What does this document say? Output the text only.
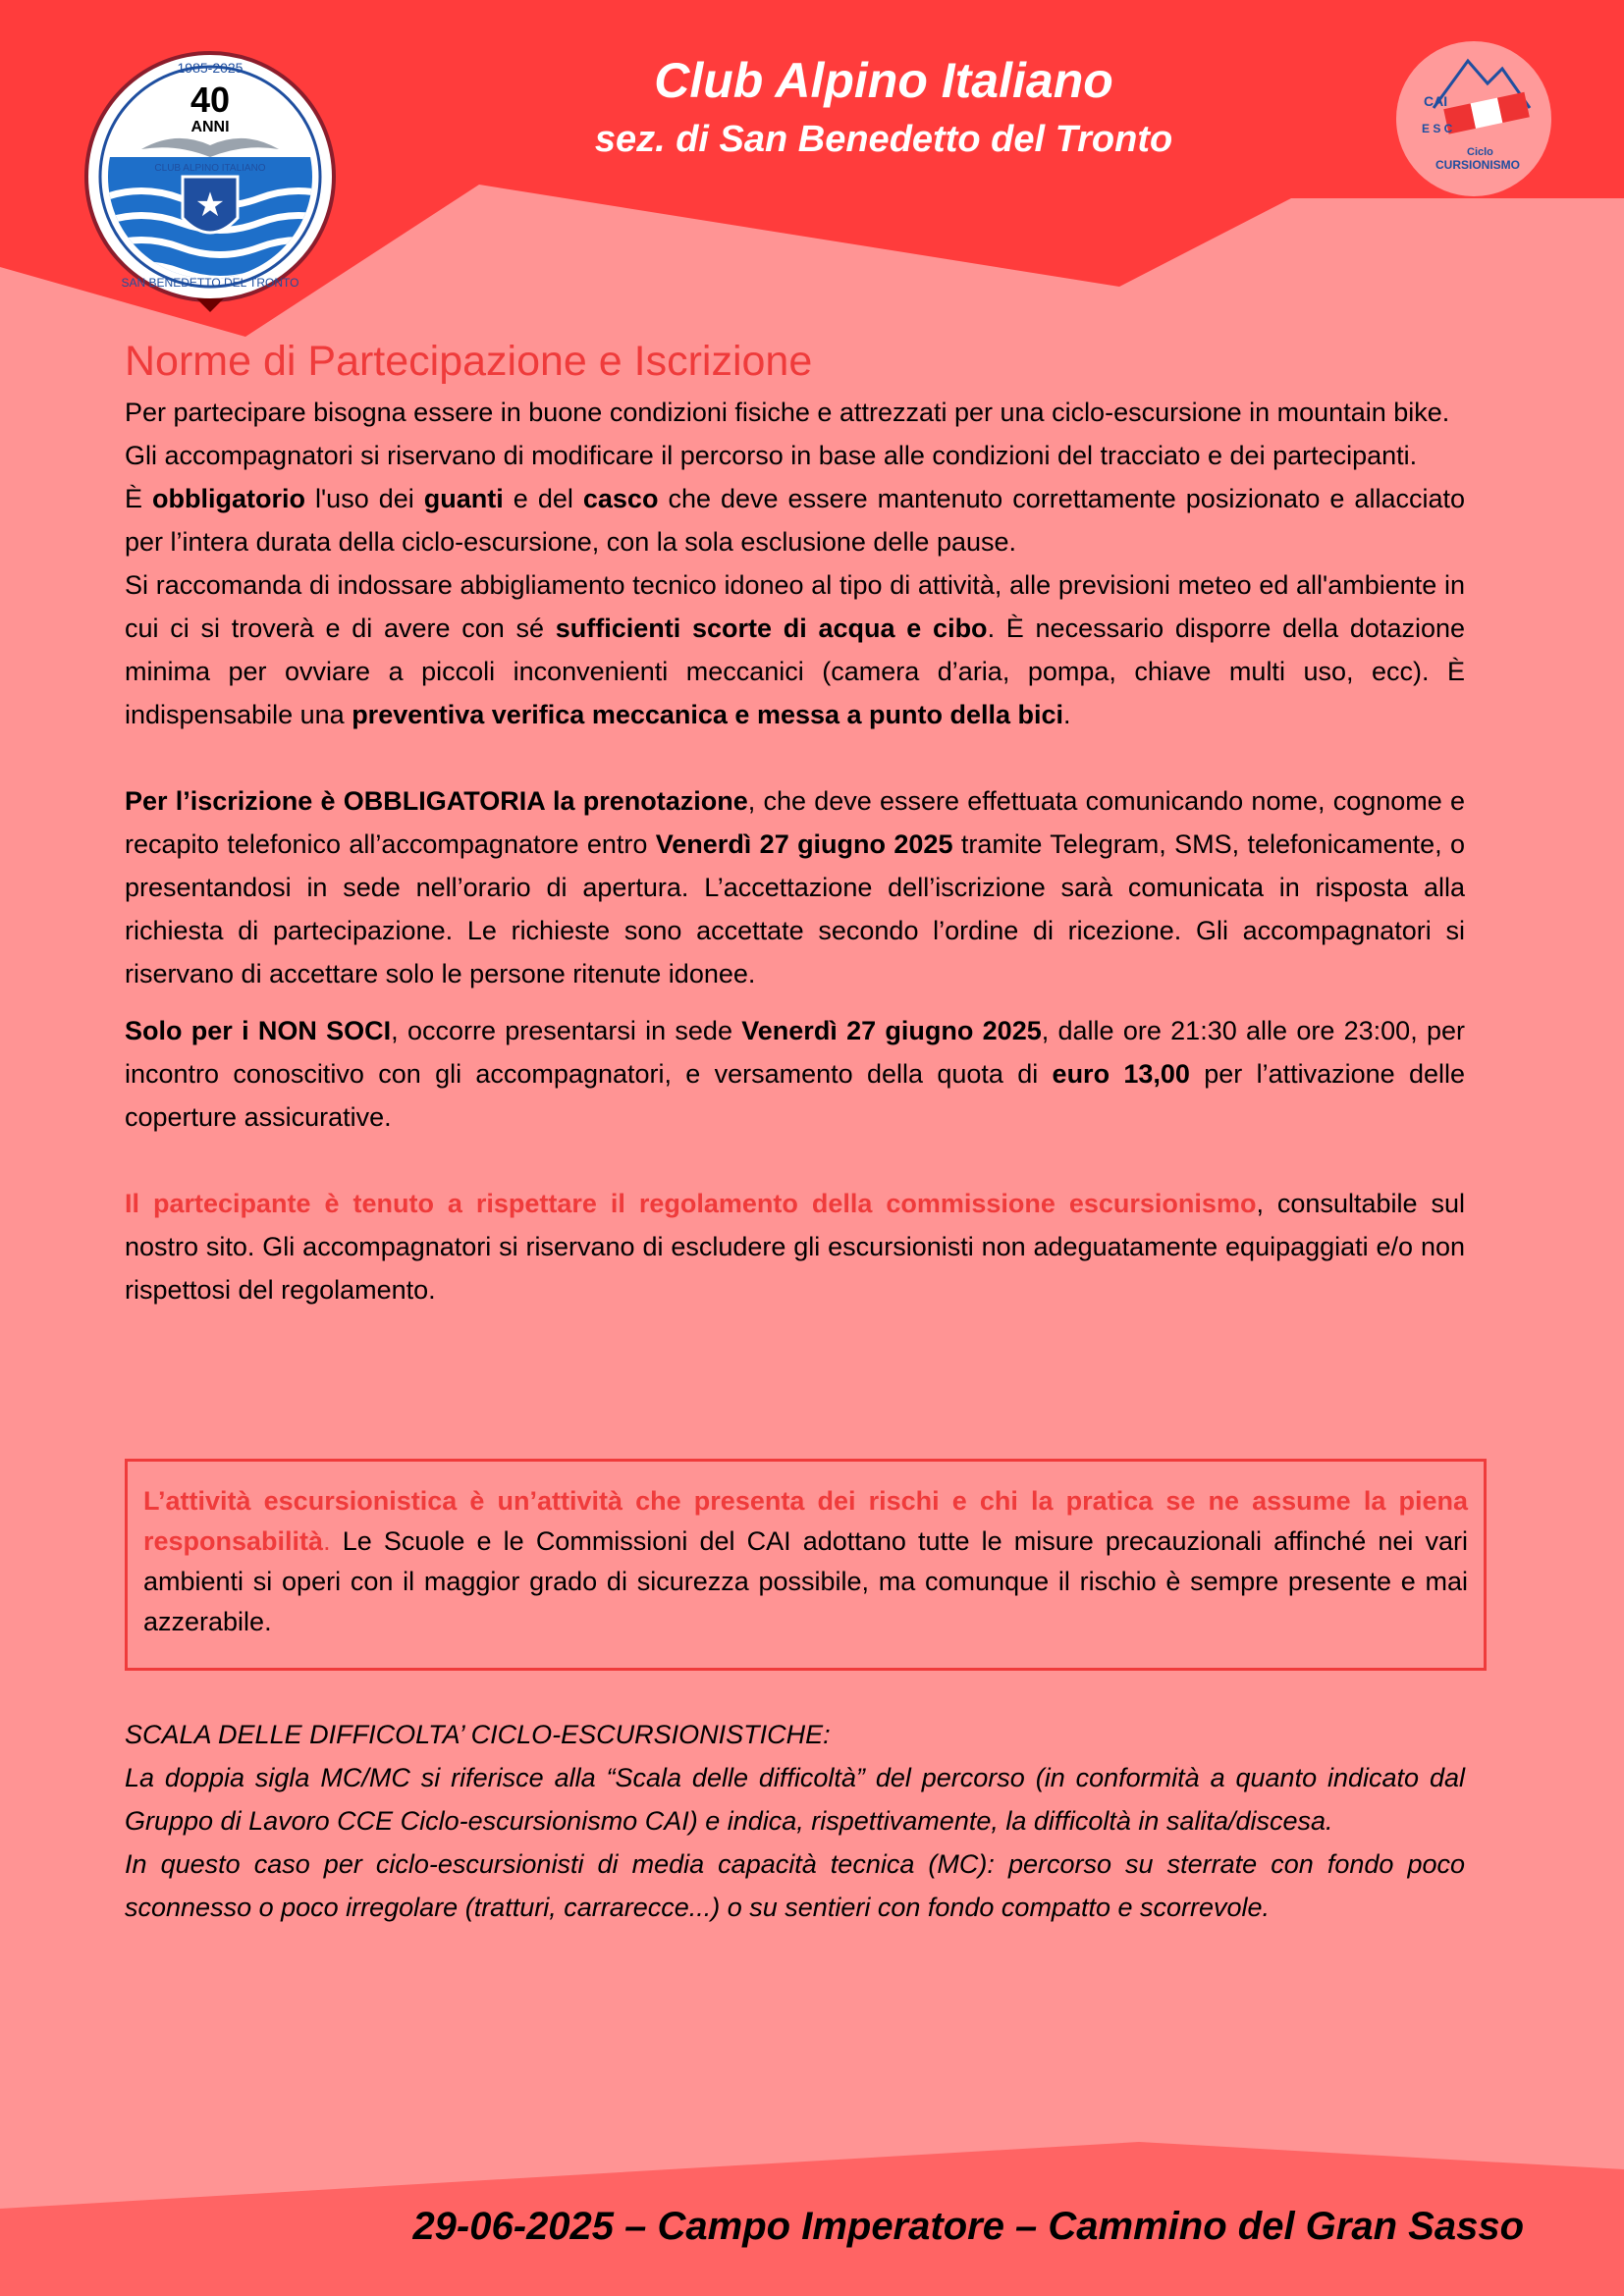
★
1985-2025
40
ANNI
CLUB ALPINO ITALIANO
SAN BENEDETTO DEL TRONTO
Club Alpino Italiano
sez. di San Benedetto del Tronto
CAI
E S C
Ciclo
CURSIONISMO
Norme di Partecipazione e Iscrizione

Per partecipare bisogna essere in buone condizioni fisiche e attrezzati per una ciclo-escursione in mountain bike.

Gli accompagnatori si riservano di modificare il percorso in base alle condizioni del tracciato e dei partecipanti.

È obbligatorio l'uso dei guanti e del casco che deve essere mantenuto correttamente posizionato e allacciato per l’intera durata della ciclo-escursione, con la sola esclusione delle pause.

Si raccomanda di indossare abbigliamento tecnico idoneo al tipo di attività, alle previsioni meteo ed all'ambiente in cui ci si troverà e di avere con sé sufficienti scorte di acqua e cibo. È necessario disporre della dotazione minima per ovviare a piccoli inconvenienti meccanici (camera d’aria, pompa, chiave multi uso, ecc). È indispensabile una preventiva verifica meccanica e messa a punto della bici.

Per l’iscrizione è OBBLIGATORIA la prenotazione, che deve essere effettuata comunicando nome, cognome e recapito telefonico all’accompagnatore entro Venerdì 27 giugno 2025 tramite Telegram, SMS, telefonicamente, o presentandosi in sede nell’orario di apertura. L’accettazione dell’iscrizione sarà comunicata in risposta alla richiesta di partecipazione. Le richieste sono accettate secondo l’ordine di ricezione. Gli accompagnatori si riservano di accettare solo le persone ritenute idonee.

Solo per i NON SOCI, occorre presentarsi in sede Venerdì 27 giugno 2025, dalle ore 21:30 alle ore 23:00, per incontro conoscitivo con gli accompagnatori, e versamento della quota di euro 13,00 per l’attivazione delle coperture assicurative.

Il partecipante è tenuto a rispettare il regolamento della commissione escursionismo, consultabile sul nostro sito. Gli accompagnatori si riservano di escludere gli escursionisti non adeguatamente equipaggiati e/o non rispettosi del regolamento.

L’attività escursionistica è un’attività che presenta dei rischi e chi la pratica se ne assume la piena responsabilità. Le Scuole e le Commissioni del CAI adottano tutte le misure precauzionali affinché nei vari ambienti si operi con il maggior grado di sicurezza possibile, ma comunque il rischio è sempre presente e mai azzerabile.

SCALA DELLE DIFFICOLTA’ CICLO-ESCURSIONISTICHE:

La doppia sigla MC/MC si riferisce alla “Scala delle difficoltà” del percorso (in conformità a quanto indicato dal Gruppo di Lavoro CCE Ciclo-escursionismo CAI) e indica, rispettivamente, la difficoltà in salita/discesa.

In questo caso per ciclo-escursionisti di media capacità tecnica (MC): percorso su sterrate con fondo poco sconnesso o poco irregolare (tratturi, carrarecce...) o su sentieri con fondo compatto e scorrevole.

29-06-2025 – Campo Imperatore – Cammino del Gran Sasso
